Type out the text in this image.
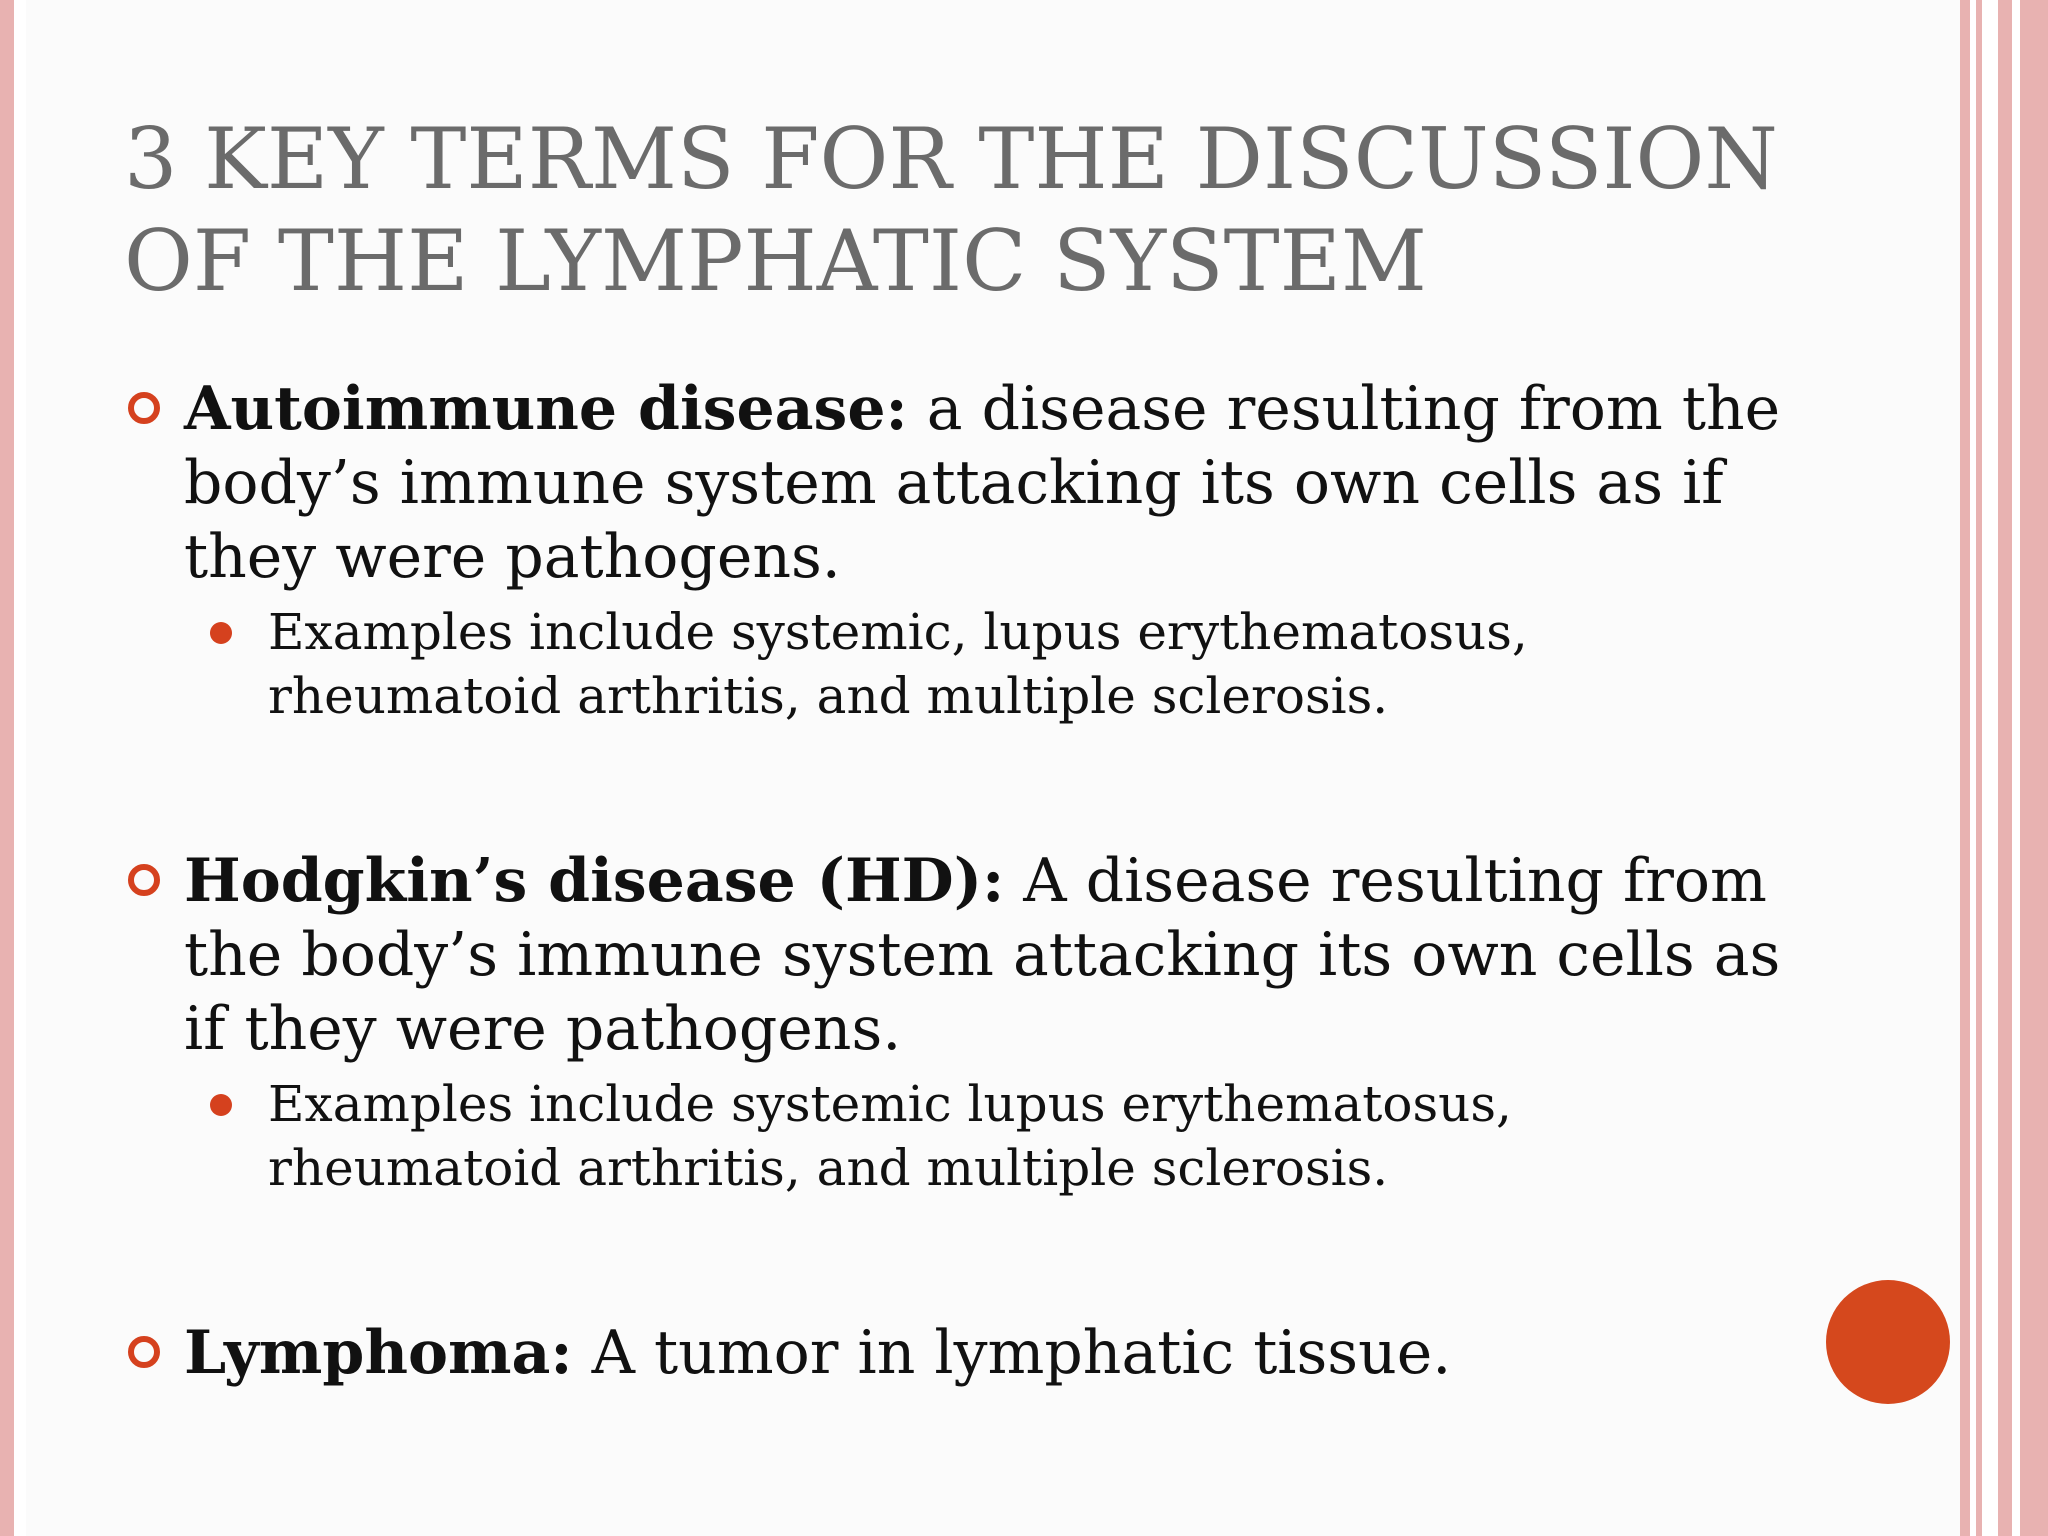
3 KEY TERMS FOR THE DISCUSSION OF THE LYMPHATIC SYSTEM
Autoimmune disease: a disease resulting from the body’s immune system attacking its own cells as if they were pathogens.
Examples include systemic, lupus erythematosus, rheumatoid arthritis, and multiple sclerosis.
Hodgkin’s disease (HD): A disease resulting from the body’s immune system attacking its own cells as if they were pathogens.
Examples include systemic lupus erythematosus, rheumatoid arthritis, and multiple sclerosis.
Lymphoma: A tumor in lymphatic tissue.
